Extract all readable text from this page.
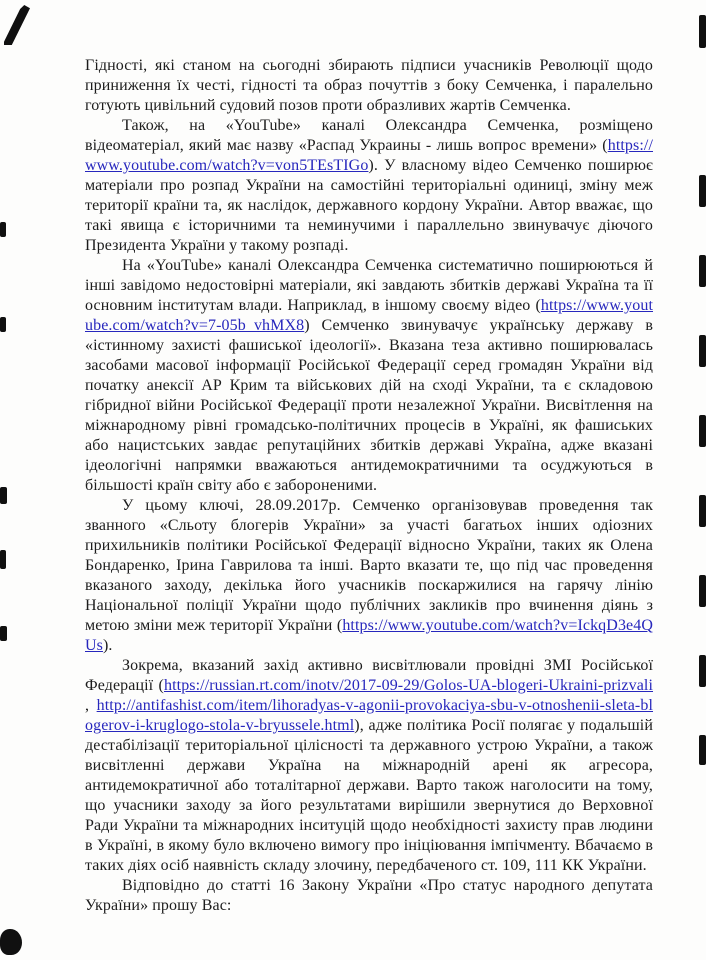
Гідності, які станом на сьогодні збирають підписи учасників Революції щодо приниження їх честі, гідності та образ почуттів з боку Семченка, і паралельно готують цивільний судовий позов проти образливих жартів Семченка.

Також, на «YouTube» каналі Олександра Семченка, розміщено відеоматеріал, який має назву «Распад Украины - лишь вопрос времени» (https://www.youtube.com/watch?v=von5TEsTIGo). У власному відео Семченко поширює матеріали про розпад України на самостійні територіальні одиниці, зміну меж території країни та, як наслідок, державного кордону України. Автор вважає, що такі явища є історичними та неминучими і параллельно звинувачує діючого Президента України у такому розпаді.

На «YouTube» каналі Олександра Семченка систематично поширюються й інші завідомо недостовірні матеріали, які завдають збитків державі Україна та її основним інститутам влади. Наприклад, в іншому своєму відео (https://www.youtube.com/watch?v=7-05b_vhMX8) Семченко звинувачує українську державу в «істинному захисті фашиської ідеології». Вказана теза активно поширювалась засобами масової інформації Російської Федерації серед громадян України від початку анексії АР Крим та військових дій на сході України, та є складовою гібридної війни Російської Федерації проти незалежної України. Висвітлення на міжнародному рівні громадсько-політичних процесів в Україні, як фашиських або нацистських завдає репутаційних збитків державі Україна, адже вказані ідеологічні напрямки вважаються антидемократичними та осуджуються в більшості країн світу або є забороненими.

У цьому ключі, 28.09.2017р. Семченко організовував проведення так званного «Сльоту блогерів України» за участі багатьох інших одіозних прихильників політики Російської Федерації відносно України, таких як Олена Бондаренко, Ірина Гаврилова та інші. Варто вказати те, що під час проведення вказаного заходу, декілька його учасників поскаржилися на гарячу лінію Національної поліції України щодо публічних закликів про вчинення діянь з метою зміни меж території України (https://www.youtube.com/watch?v=IckqD3e4QUs).

Зокрема, вказаний захід активно висвітлювали провідні ЗМІ Російської Федерації (https://russian.rt.com/inotv/2017-09-29/Golos-UA-blogeri-Ukraini-prizvali , http://antifashist.com/item/lihoradyas-v-agonii-provokaciya-sbu-v-otnoshenii-sleta-blogerov-i-kruglogo-stola-v-bryussele.html), адже політика Росії полягає у подальшій дестабілізації територіальної цілісності та державного устрою України, а також висвітленні держави Україна на міжнародній арені як агресора, антидемократичної або тоталітарної держави. Варто також наголосити на тому, що учасники заходу за його результатами вирішили звернутися до Верховної Ради України та міжнародних інситуцій щодо необхідності захисту прав людини в Україні, в якому було включено вимогу про ініціювання імпічменту. Вбачаємо в таких діях осіб наявність складу злочину, передбаченого ст. 109, 111 КК України.

Відповідно до статті 16 Закону України «Про статус народного депутата України» прошу Вас:
